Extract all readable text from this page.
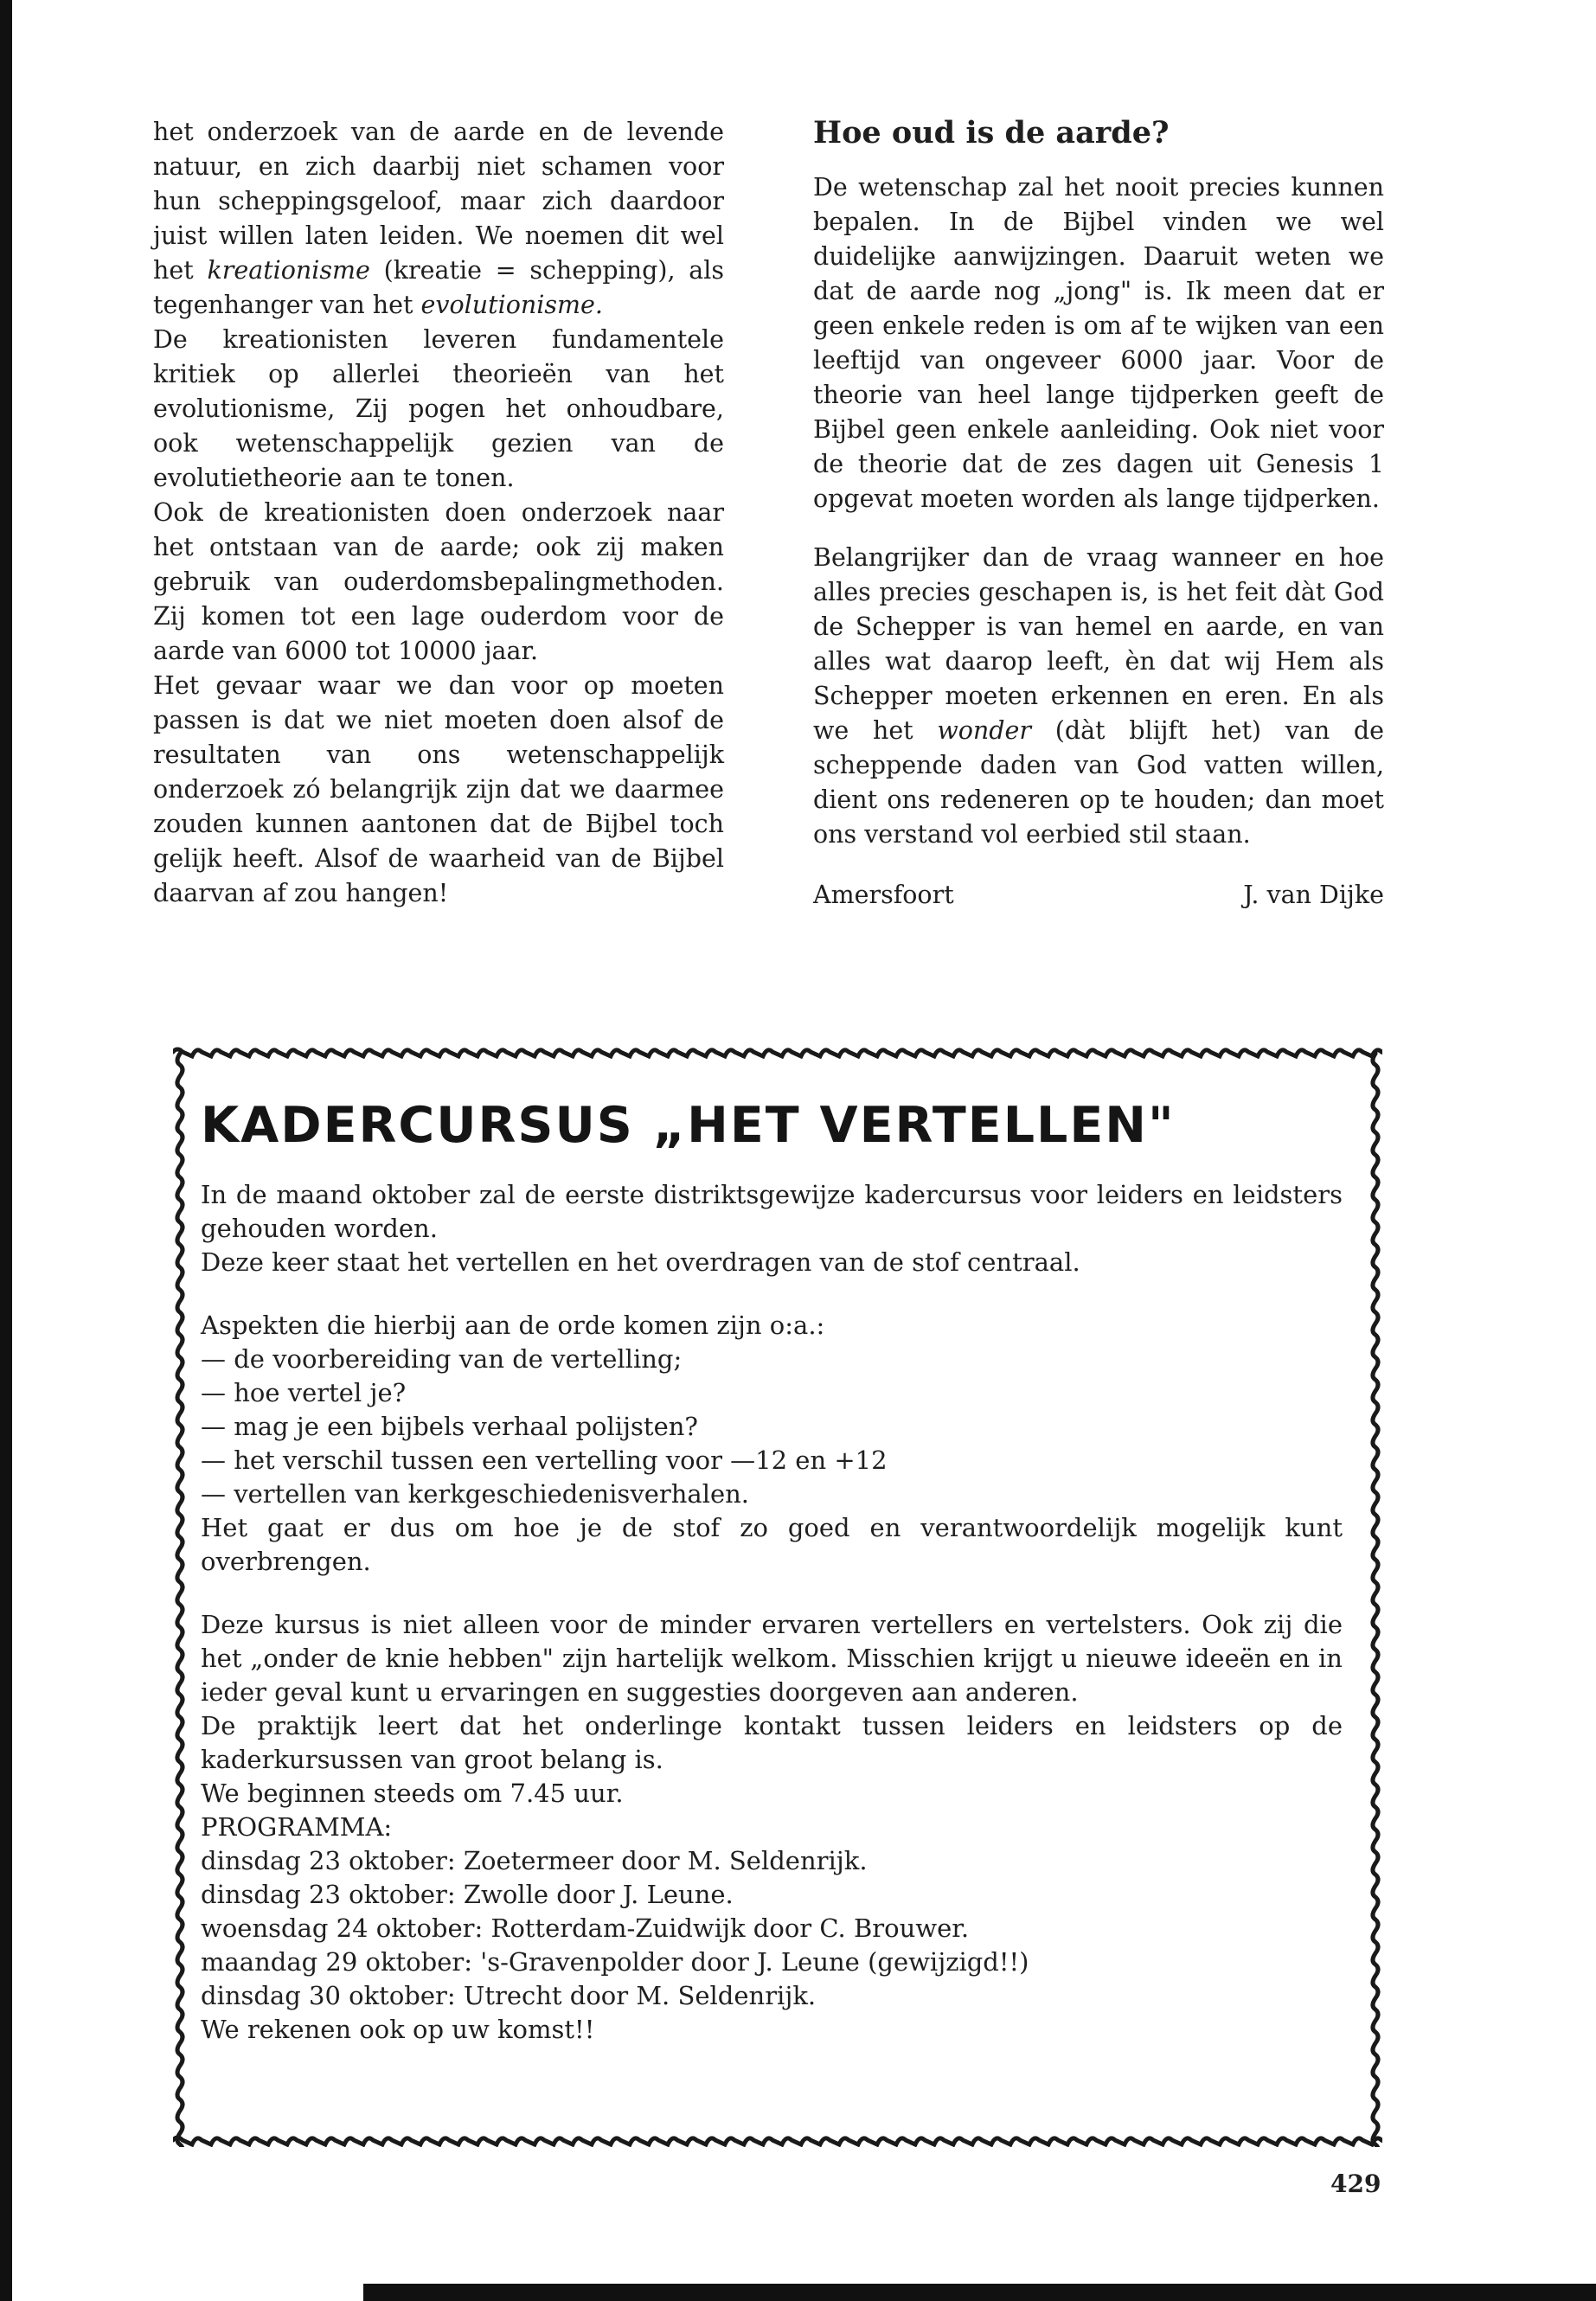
het onderzoek van de aarde en de levende natuur, en zich daarbij niet schamen voor hun scheppingsgeloof, maar zich daardoor juist willen laten leiden. We noemen dit wel het kreationisme (kreatie = schepping), als tegenhanger van het evolutionisme.

De kreationisten leveren fundamentele kritiek op allerlei theorieën van het evolutionisme, Zij pogen het onhoudbare, ook wetenschappelijk gezien van de evolutietheorie aan te tonen.

Ook de kreationisten doen onderzoek naar het ontstaan van de aarde; ook zij maken gebruik van ouderdomsbepalingmethoden. Zij komen tot een lage ouderdom voor de aarde van 6000 tot 10000 jaar.

Het gevaar waar we dan voor op moeten passen is dat we niet moeten doen alsof de resultaten van ons wetenschappelijk onderzoek zó belangrijk zijn dat we daarmee zouden kunnen aantonen dat de Bijbel toch gelijk heeft. Alsof de waarheid van de Bijbel daarvan af zou hangen!

Hoe oud is de aarde?

De wetenschap zal het nooit precies kunnen bepalen. In de Bijbel vinden we wel duidelijke aanwijzingen. Daaruit weten we dat de aarde nog „jong" is. Ik meen dat er geen enkele reden is om af te wijken van een leeftijd van ongeveer 6000 jaar. Voor de theorie van heel lange tijdperken geeft de Bijbel geen enkele aanleiding. Ook niet voor de theorie dat de zes dagen uit Genesis 1 opgevat moeten worden als lange tijdperken.

Belangrijker dan de vraag wanneer en hoe alles precies geschapen is, is het feit dàt God de Schepper is van hemel en aarde, en van alles wat daarop leeft, èn dat wij Hem als Schepper moeten erkennen en eren. En als we het wonder (dàt blijft het) van de scheppende daden van God vatten willen, dient ons redeneren op te houden; dan moet ons verstand vol eerbied stil staan.

Amersfoort	J. van Dijke
KADERCURSUS „HET VERTELLEN"

In de maand oktober zal de eerste distriktsgewijze kadercursus voor leiders en leidsters gehouden worden.

Deze keer staat het vertellen en het overdragen van de stof centraal.

Aspekten die hierbij aan de orde komen zijn o:a.:

— de voorbereiding van de vertelling;

— hoe vertel je?

— mag je een bijbels verhaal polijsten?

— het verschil tussen een vertelling voor —12 en +12

— vertellen van kerkgeschiedenisverhalen.

Het gaat er dus om hoe je de stof zo goed en verantwoordelijk mogelijk kunt overbrengen.

Deze kursus is niet alleen voor de minder ervaren vertellers en vertelsters. Ook zij die het „onder de knie hebben" zijn hartelijk welkom. Misschien krijgt u nieuwe ideeën en in ieder geval kunt u ervaringen en suggesties doorgeven aan anderen.

De praktijk leert dat het onderlinge kontakt tussen leiders en leidsters op de kaderkursussen van groot belang is.

We beginnen steeds om 7.45 uur.

PROGRAMMA:

dinsdag 23 oktober: Zoetermeer door M. Seldenrijk.

dinsdag 23 oktober: Zwolle door J. Leune.

woensdag 24 oktober: Rotterdam-Zuidwijk door C. Brouwer.

maandag 29 oktober: 's-Gravenpolder door J. Leune (gewijzigd!!)

dinsdag 30 oktober: Utrecht door M. Seldenrijk.

We rekenen ook op uw komst!!

429
